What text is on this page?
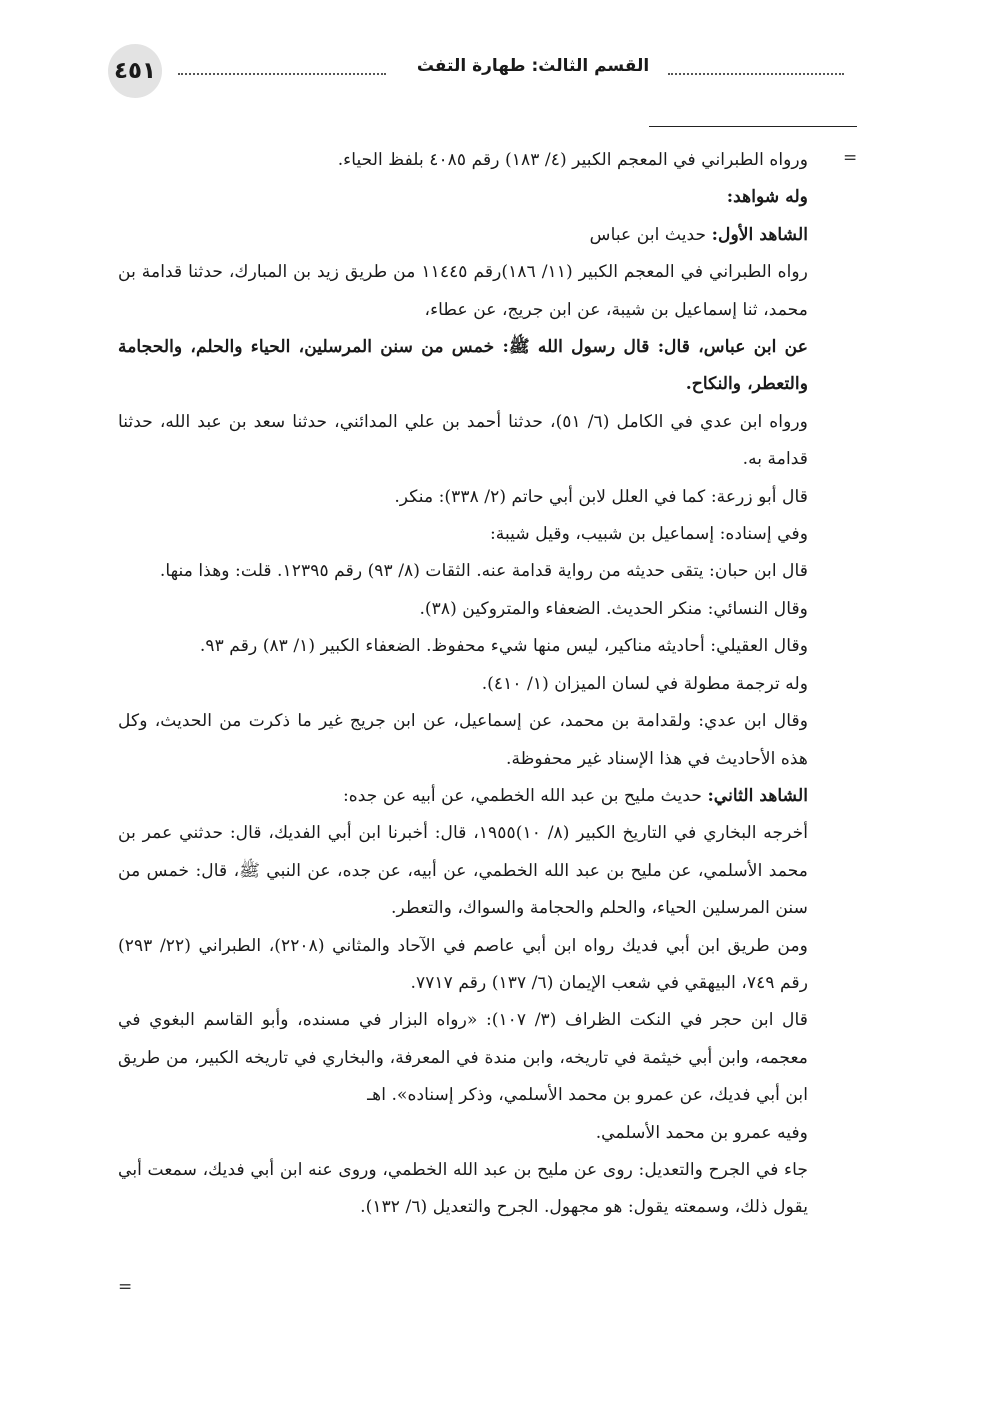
٤٥١	القسم الثالث: طهارة التفث
=

ورواه الطبراني في المعجم الكبير (٤/ ١٨٣) رقم ٤٠٨٥ بلفظ الحياء.

وله شواهد:

الشاهد الأول: حديث ابن عباس

رواه الطبراني في المعجم الكبير (١١/ ١٨٦)رقم ١١٤٤٥ من طريق زيد بن المبارك، حدثنا قدامة بن محمد، ثنا إسماعيل بن شيبة، عن ابن جريج، عن عطاء،

عن ابن عباس، قال: قال رسول الله ﷺ: خمس من سنن المرسلين، الحياء والحلم، والحجامة والتعطر، والنكاح.

ورواه ابن عدي في الكامل (٦/ ٥١)، حدثنا أحمد بن علي المدائني، حدثنا سعد بن عبد الله، حدثنا قدامة به.

قال أبو زرعة: كما في العلل لابن أبي حاتم (٢/ ٣٣٨): منكر.

وفي إسناده: إسماعيل بن شبيب، وقيل شيبة:

قال ابن حبان: يتقى حديثه من رواية قدامة عنه. الثقات (٨/ ٩٣) رقم ١٢٣٩٥. قلت: وهذا منها.

وقال النسائي: منكر الحديث. الضعفاء والمتروكين (٣٨).

وقال العقيلي: أحاديثه مناكير، ليس منها شيء محفوظ. الضعفاء الكبير (١/ ٨٣) رقم ٩٣.

وله ترجمة مطولة في لسان الميزان (١/ ٤١٠).

وقال ابن عدي: ولقدامة بن محمد، عن إسماعيل، عن ابن جريج غير ما ذكرت من الحديث، وكل هذه الأحاديث في هذا الإسناد غير محفوظة.

الشاهد الثاني: حديث مليح بن عبد الله الخطمي، عن أبيه عن جده:

أخرجه البخاري في التاريخ الكبير (٨/ ١٠)١٩٥٥، قال: أخبرنا ابن أبي الفديك، قال: حدثني عمر بن محمد الأسلمي، عن مليح بن عبد الله الخطمي، عن أبيه، عن جده، عن النبي ﷺ، قال: خمس من سنن المرسلين الحياء، والحلم والحجامة والسواك، والتعطر.

ومن طريق ابن أبي فديك رواه ابن أبي عاصم في الآحاد والمثاني (٢٢٠٨)، الطبراني (٢٢/ ٢٩٣) رقم ٧٤٩، البيهقي في شعب الإيمان (٦/ ١٣٧) رقم ٧٧١٧.

قال ابن حجر في النكت الظراف (٣/ ١٠٧): «رواه البزار في مسنده، وأبو القاسم البغوي في معجمه، وابن أبي خيثمة في تاريخه، وابن مندة في المعرفة، والبخاري في تاريخه الكبير، من طريق ابن أبي فديك، عن عمرو بن محمد الأسلمي، وذكر إسناده». اهـ

وفيه عمرو بن محمد الأسلمي.

جاء في الجرح والتعديل: روى عن مليح بن عبد الله الخطمي، وروى عنه ابن أبي فديك، سمعت أبي يقول ذلك، وسمعته يقول: هو مجهول. الجرح والتعديل (٦/ ١٣٢).

=
